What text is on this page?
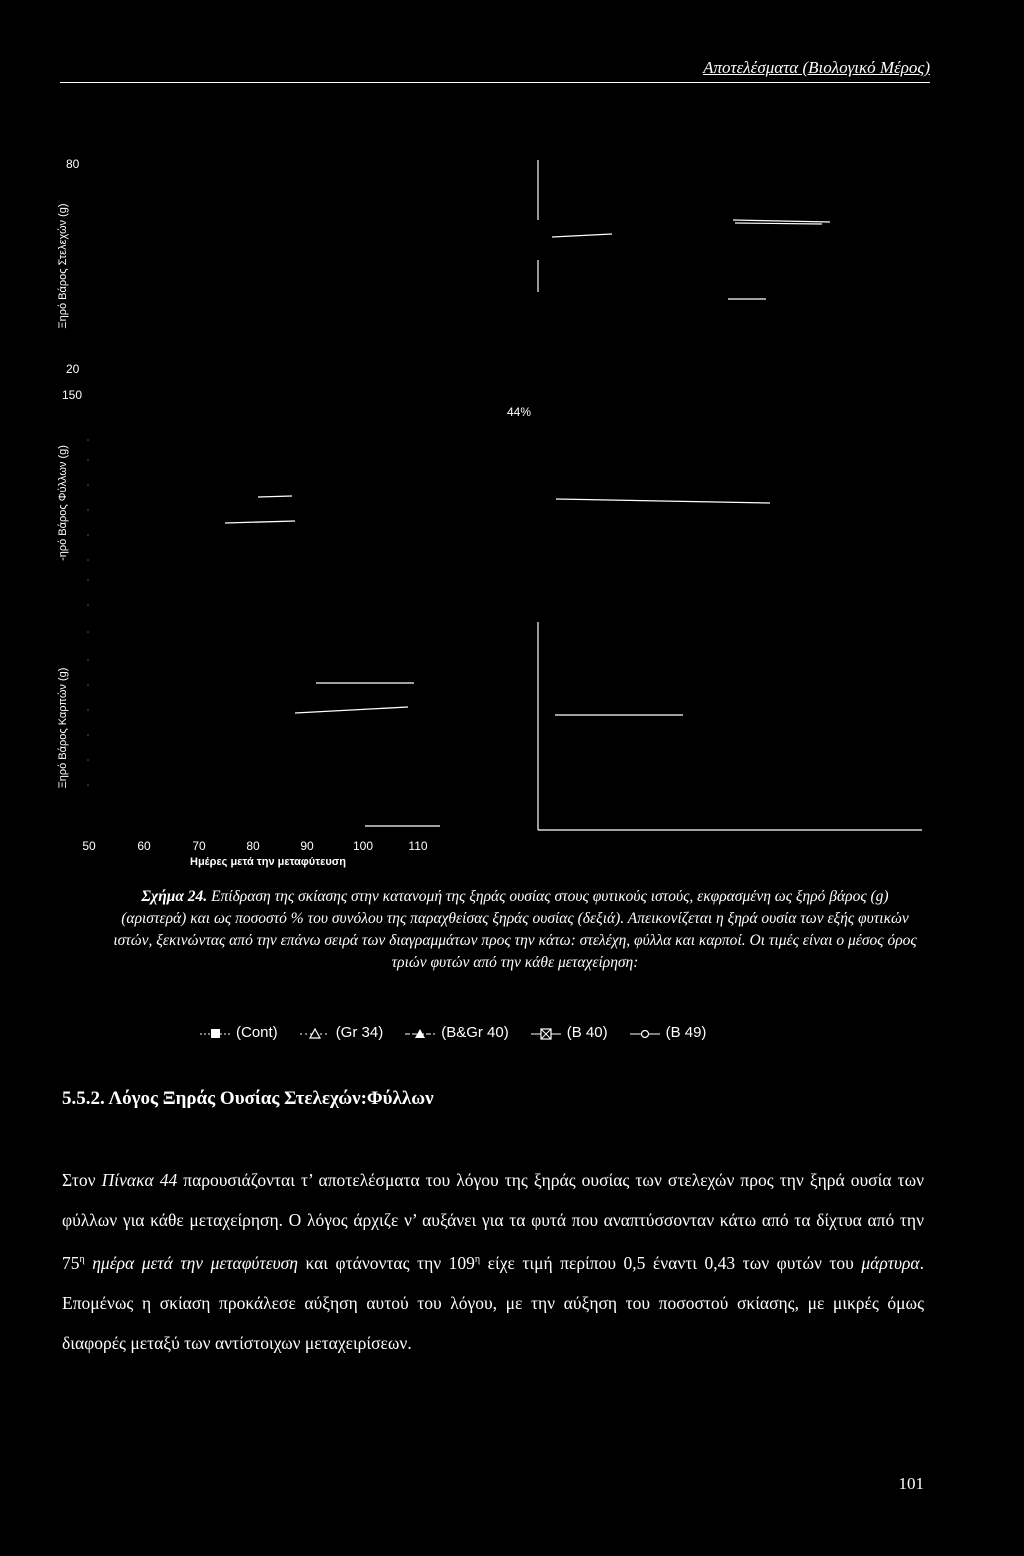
Αποτελέσματα (Βιολογικό Μέρος)
Ξηρό Βάρος Στελεχών (g)
-ηρό Βάρος Φύλλων (g)
Ξηρό Βάρος Καρπών (g)
80
20
150
44%
50	60	70	80	90	100	110
Ημέρες μετά την μεταφύτευση
Σχήμα 24. Επίδραση της σκίασης στην κατανομή της ξηράς ουσίας στους φυτικούς ιστούς, εκφρασμένη ως ξηρό βάρος (g) (αριστερά) και ως ποσοστό % του συνόλου της παραχθείσας ξηράς ουσίας (δεξιά). Απεικονίζεται η ξηρά ουσία των εξής φυτικών ιστών, ξεκινώντας από την επάνω σειρά των διαγραμμάτων προς την κάτω: στελέχη, φύλλα και καρποί. Οι τιμές είναι ο μέσος όρος τριών φυτών από την κάθε μεταχείρηση:
(Cont)	(Gr 34)	(B&Gr 40)	(B 40)	(B 49)
5.5.2. Λόγος Ξηράς Ουσίας Στελεχών:Φύλλων
Στον Πίνακα 44 παρουσιάζονται τ’ αποτελέσματα του λόγου της ξηράς ουσίας των στελεχών προς την ξηρά ουσία των φύλλων για κάθε μεταχείρηση. Ο λόγος άρχιζε ν’ αυξάνει για τα φυτά που αναπτύσσονταν κάτω από τα δίχτυα από την $75^\eta$ ημέρα μετά την μεταφύτευση και φτάνοντας την $109^\eta$ είχε τιμή περίπου 0,5 έναντι 0,43 των φυτών του μάρτυρα. Επομένως η σκίαση προκάλεσε αύξηση αυτού του λόγου, με την αύξηση του ποσοστού σκίασης, με μικρές όμως διαφορές μεταξύ των αντίστοιχων μεταχειρίσεων.
101
